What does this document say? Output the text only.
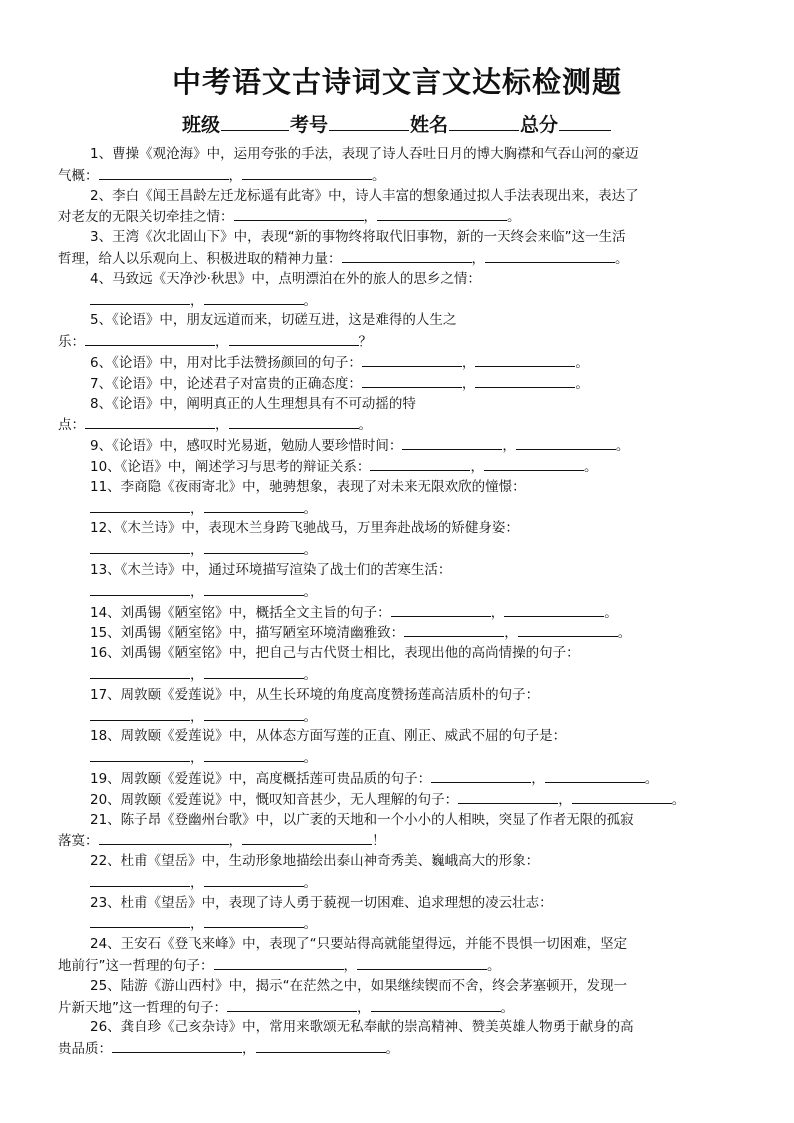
中考语文古诗词文言文达标检测题
班级	考号	姓名	总分
1、曹操《观沧海》中，运用夸张的手法，表现了诗人吞吐日月的博大胸襟和气吞山河的豪迈
气概：	，	。
2、李白《闻王昌龄左迁龙标遥有此寄》中，诗人丰富的想象通过拟人手法表现出来，表达了
对老友的无限关切牵挂之情：	，	。
3、王湾《次北固山下》中，表现“新的事物终将取代旧事物，新的一天终会来临”这一生活
哲理，给人以乐观向上、积极进取的精神力量：	，	。
4、马致远《天净沙·秋思》中，点明漂泊在外的旅人的思乡之情：
，	。
5、《论语》中，朋友远道而来，切磋互进，这是难得的人生之
乐：	，	？
6、《论语》中，用对比手法赞扬颜回的句子：	，	。
7、《论语》中，论述君子对富贵的正确态度：	，	。
8、《论语》中，阐明真正的人生理想具有不可动摇的特
点：	，	。
9、《论语》中，感叹时光易逝，勉励人要珍惜时间：	，	。
10、《论语》中，阐述学习与思考的辩证关系：	，	。
11、李商隐《夜雨寄北》中，驰骋想象，表现了对未来无限欢欣的憧憬：
，	。
12、《木兰诗》中，表现木兰身跨飞驰战马，万里奔赴战场的矫健身姿：
，	。
13、《木兰诗》中，通过环境描写渲染了战士们的苦寒生活：
，	。
14、刘禹锡《陋室铭》中，概括全文主旨的句子：	，	。
15、刘禹锡《陋室铭》中，描写陋室环境清幽雅致：	，	。
16、刘禹锡《陋室铭》中，把自己与古代贤士相比，表现出他的高尚情操的句子：
，	。
17、周敦颐《爱莲说》中，从生长环境的角度高度赞扬莲高洁质朴的句子：
，	。
18、周敦颐《爱莲说》中，从体态方面写莲的正直、刚正、威武不屈的句子是：
，	。
19、周敦颐《爱莲说》中，高度概括莲可贵品质的句子：	，	。
20、周敦颐《爱莲说》中，慨叹知音甚少，无人理解的句子：	，	。
21、陈子昂《登幽州台歌》中，以广袤的天地和一个小小的人相映，突显了作者无限的孤寂
落寞：	，	！
22、杜甫《望岳》中，生动形象地描绘出泰山神奇秀美、巍峨高大的形象：
，	。
23、杜甫《望岳》中，表现了诗人勇于藐视一切困难、追求理想的凌云壮志：
，	。
24、王安石《登飞来峰》中，表现了“只要站得高就能望得远，并能不畏惧一切困难，坚定
地前行”这一哲理的句子：	，	。
25、陆游《游山西村》中，揭示“在茫然之中，如果继续锲而不舍，终会茅塞顿开，发现一
片新天地”这一哲理的句子：	，	。
26、龚自珍《己亥杂诗》中，常用来歌颂无私奉献的崇高精神、赞美英雄人物勇于献身的高
贵品质：	，	。
